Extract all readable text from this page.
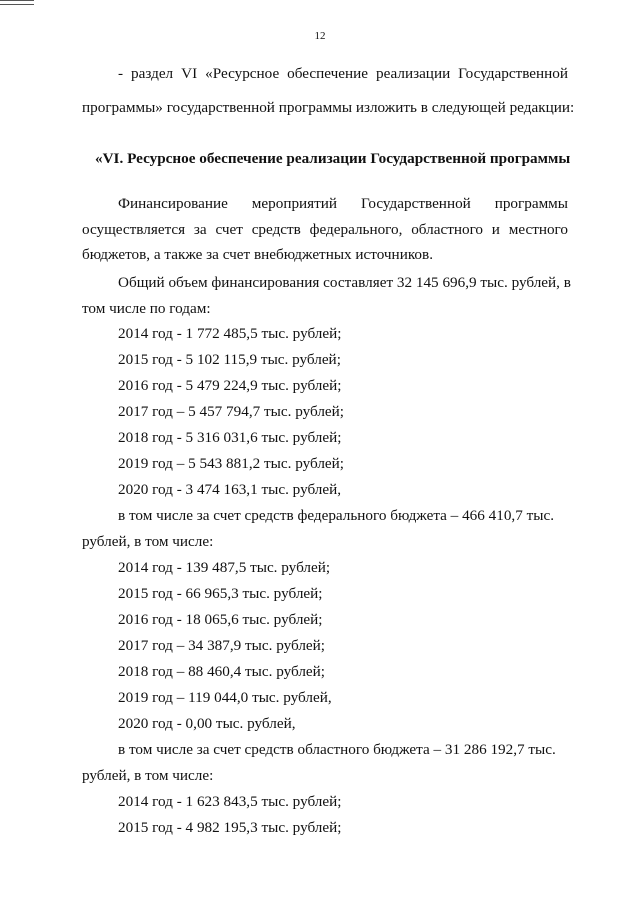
12
- раздел VI «Ресурсное обеспечение реализации Государственной
программы» государственной программы изложить в следующей редакции:
«VI. Ресурсное обеспечение реализации Государственной программы
Финансирование мероприятий Государственной программы
осуществляется за счет средств федерального, областного и местного
бюджетов, а также за счет внебюджетных источников.
Общий объем финансирования составляет 32 145 696,9 тыс. рублей, в
том числе по годам:
2014 год - 1 772 485,5 тыс. рублей;
2015 год - 5 102 115,9 тыс. рублей;
2016 год - 5 479 224,9 тыс. рублей;
2017 год – 5 457 794,7 тыс. рублей;
2018 год - 5 316 031,6 тыс. рублей;
2019 год – 5 543 881,2 тыс. рублей;
2020 год - 3 474 163,1 тыс. рублей,
в том числе за счет средств федерального бюджета – 466 410,7 тыс.
рублей, в том числе:
2014 год - 139 487,5 тыс. рублей;
2015 год - 66 965,3 тыс. рублей;
2016 год - 18 065,6 тыс. рублей;
2017 год – 34 387,9 тыс. рублей;
2018 год – 88 460,4 тыс. рублей;
2019 год – 119 044,0 тыс. рублей,
2020 год - 0,00 тыс. рублей,
в том числе за счет средств областного бюджета – 31 286 192,7 тыс.
рублей, в том числе:
2014 год - 1 623 843,5 тыс. рублей;
2015 год - 4 982 195,3 тыс. рублей;
